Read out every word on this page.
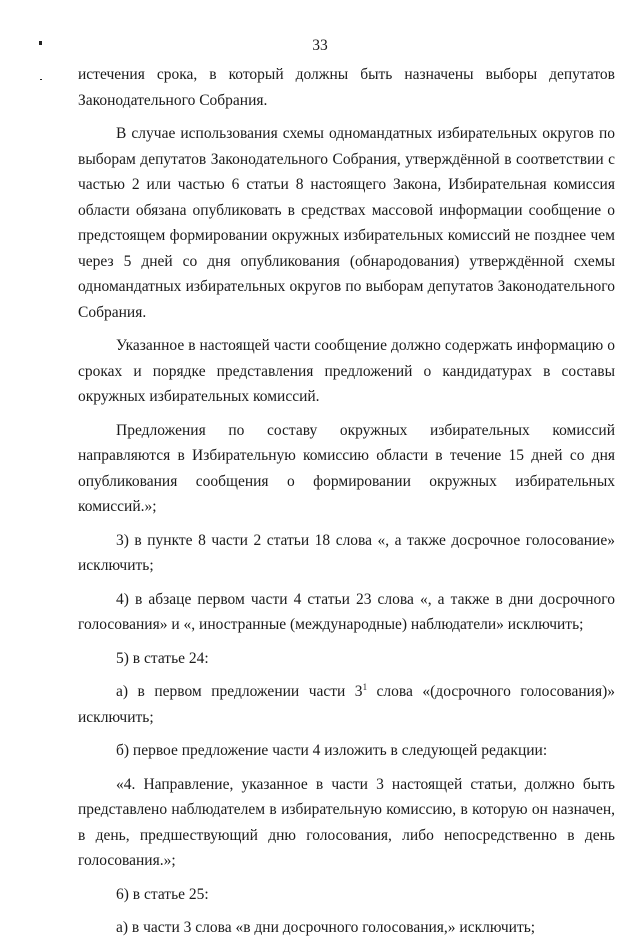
33

истечения срока, в который должны быть назначены выборы депутатов Законодательного Собрания.

В случае использования схемы одномандатных избирательных округов по выборам депутатов Законодательного Собрания, утверждённой в соответствии с частью 2 или частью 6 статьи 8 настоящего Закона, Избирательная комиссия области обязана опубликовать в средствах массовой информации сообщение о предстоящем формировании окружных избирательных комиссий не позднее чем через 5 дней со дня опубликования (обнародования) утверждённой схемы одномандатных избирательных округов по выборам депутатов Законодательного Собрания.

Указанное в настоящей части сообщение должно содержать информацию о сроках и порядке представления предложений о кандидатурах в составы окружных избирательных комиссий.

Предложения по составу окружных избирательных комиссий направляются в Избирательную комиссию области в течение 15 дней со дня опубликования сообщения о формировании окружных избирательных комиссий.»;

3) в пункте 8 части 2 статьи 18 слова «, а также досрочное голосование» исключить;

4) в абзаце первом части 4 статьи 23 слова «, а также в дни досрочного голосования» и «, иностранные (международные) наблюдатели» исключить;

5) в статье 24:

а) в первом предложении части $3^1$ слова «(досрочного голосования)» исключить;

б) первое предложение части 4 изложить в следующей редакции:

«4. Направление, указанное в части 3 настоящей статьи, должно быть представлено наблюдателем в избирательную комиссию, в которую он назначен, в день, предшествующий дню голосования, либо непосредственно в день голосования.»;

6) в статье 25:

а) в части 3 слова «в дни досрочного голосования,» исключить;
